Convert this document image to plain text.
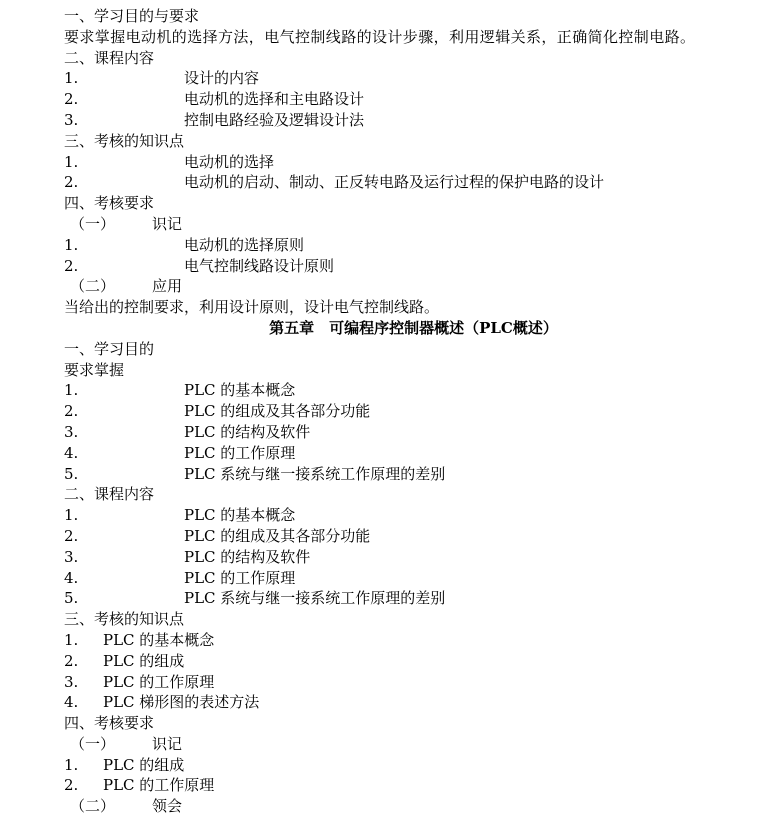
一、学习目的与要求
要求掌握电动机的选择方法，电气控制线路的设计步骤，利用逻辑关系，正确简化控制电路。
二、课程内容
1.	设计的内容
2.	电动机的选择和主电路设计
3.	控制电路经验及逻辑设计法
三、考核的知识点
1.	电动机的选择
2.	电动机的启动、制动、正反转电路及运行过程的保护电路的设计
四、考核要求
（一） 识记
1.	电动机的选择原则
2.	电气控制线路设计原则
（二） 应用
当给出的控制要求，利用设计原则，设计电气控制线路。
第五章　可编程序控制器概述（PLC概述）
一、学习目的
要求掌握
1.	PLC 的基本概念
2.	PLC 的组成及其各部分功能
3.	PLC 的结构及软件
4.	PLC 的工作原理
5.	PLC 系统与继一接系统工作原理的差别
二、课程内容
1.	PLC 的基本概念
2.	PLC 的组成及其各部分功能
3.	PLC 的结构及软件
4.	PLC 的工作原理
5.	PLC 系统与继一接系统工作原理的差别
三、考核的知识点
1. PLC 的基本概念
2. PLC 的组成
3. PLC 的工作原理
4. PLC 梯形图的表述方法
四、考核要求
（一） 识记
1. PLC 的组成
2. PLC 的工作原理
（二） 领会
